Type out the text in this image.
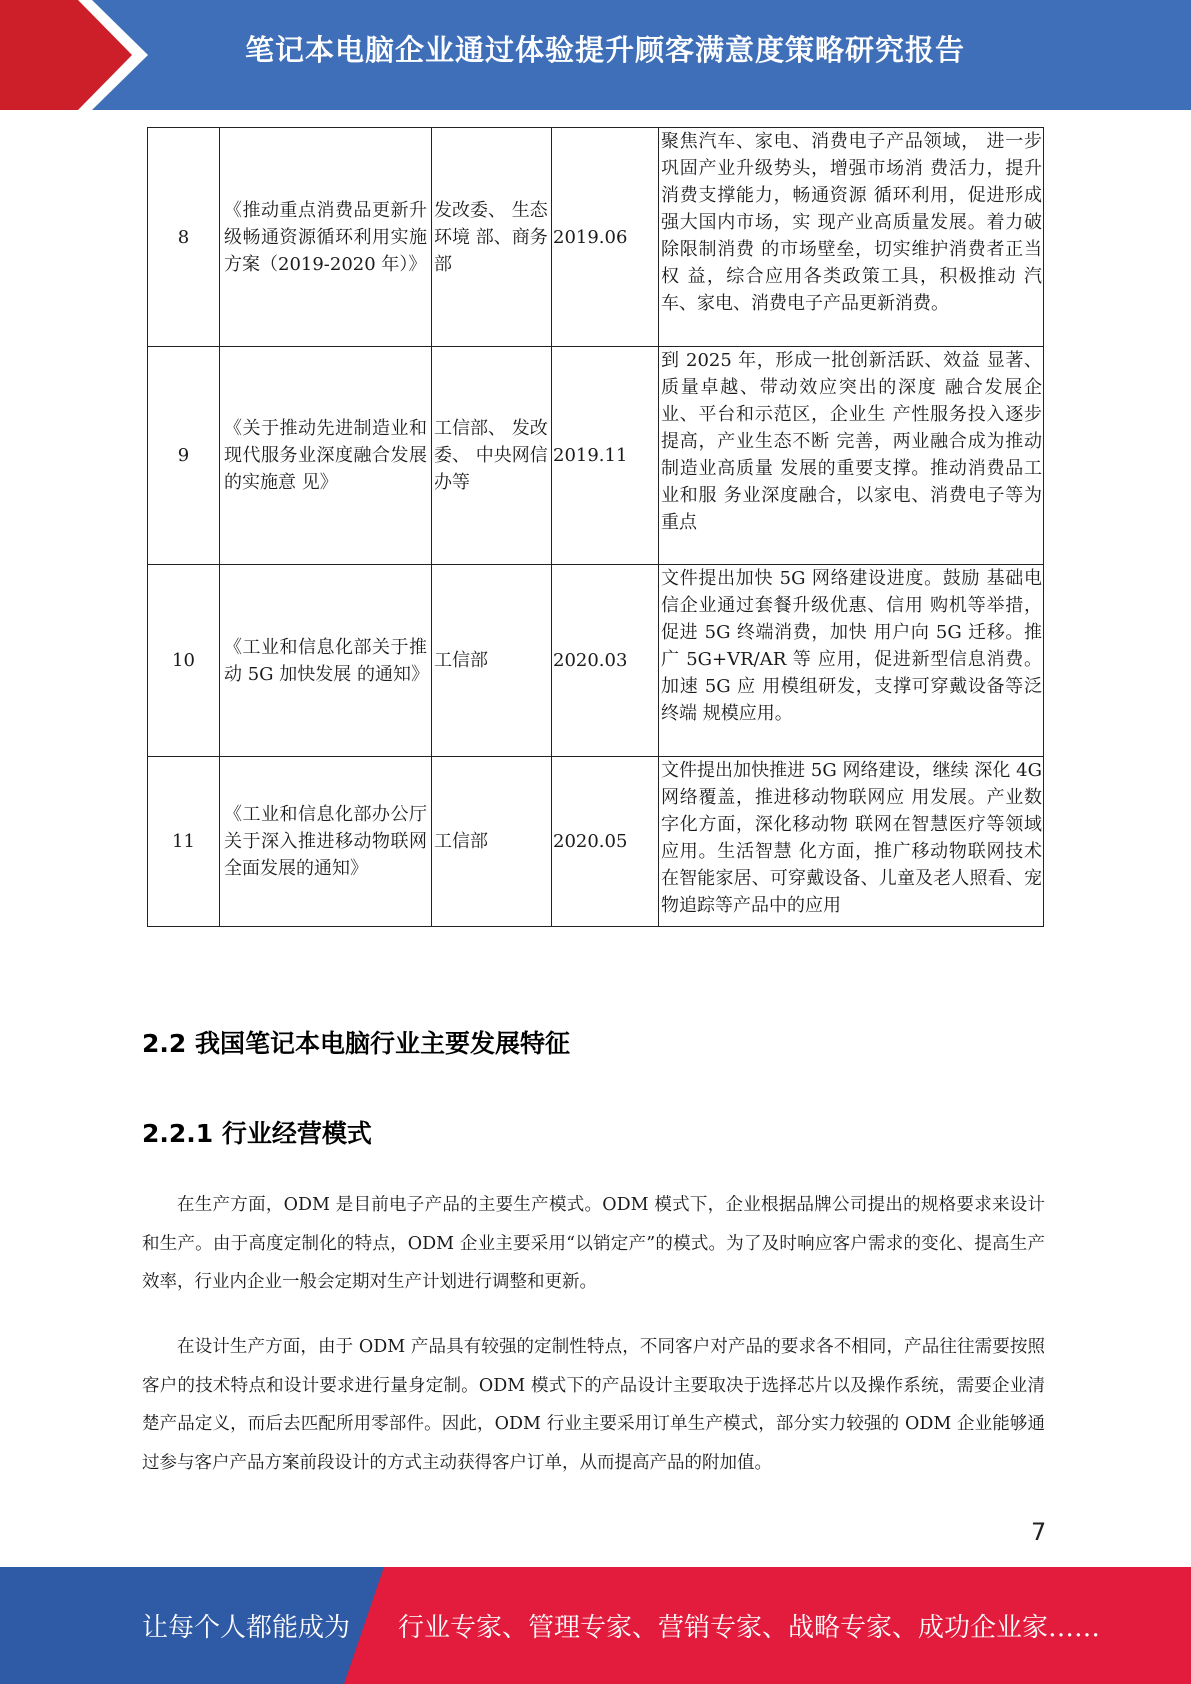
笔记本电脑企业通过体验提升顾客满意度策略研究报告
8	《推动重点消费品更新升级畅通资源循环利用实施方案（2019-2020 年）》	发改委、 生态环境 部、商务部	2019.06	聚焦汽车、家电、消费电子产品领域， 进一步巩固产业升级势头，增强市场消 费活力，提升消费支撑能力，畅通资源 循环利用，促进形成强大国内市场，实 现产业高质量发展。着力破除限制消费 的市场壁垒，切实维护消费者正当权 益，综合应用各类政策工具，积极推动 汽车、家电、消费电子产品更新消费。

9	《关于推动先进制造业和现代服务业深度融合发展的实施意 见》	工信部、 发改委、 中央网信 办等	2019.11	到 2025 年，形成一批创新活跃、效益 显著、质量卓越、带动效应突出的深度 融合发展企业、平台和示范区，企业生 产性服务投入逐步提高，产业生态不断 完善，两业融合成为推动制造业高质量 发展的重要支撑。推动消费品工业和服 务业深度融合，以家电、消费电子等为 重点

10	《工业和信息化部关于推动 5G 加快发展 的通知》	工信部	2020.03	文件提出加快 5G 网络建设进度。鼓励 基础电信企业通过套餐升级优惠、信用 购机等举措，促进 5G 终端消费，加快 用户向 5G 迁移。推广 5G+VR/AR 等 应用，促进新型信息消费。加速 5G 应 用模组研发，支撑可穿戴设备等泛终端 规模应用。

11	《工业和信息化部办公厅关于深入推进移动物联网全面发展的通知》	工信部	2020.05	文件提出加快推进 5G 网络建设，继续 深化 4G 网络覆盖，推进移动物联网应 用发展。产业数字化方面，深化移动物 联网在智慧医疗等领域应用。生活智慧 化方面，推广移动物联网技术在智能家居、可穿戴设备、儿童及老人照看、宠 物追踪等产品中的应用
2.2 我国笔记本电脑行业主要发展特征
2.2.1 行业经营模式

在生产方面，ODM 是目前电子产品的主要生产模式。ODM 模式下，企业根据品牌公司提出的规格要求来设计和生产。由于高度定制化的特点，ODM 企业主要采用“以销定产”的模式。为了及时响应客户需求的变化、提高生产效率，行业内企业一般会定期对生产计划进行调整和更新。

在设计生产方面，由于 ODM 产品具有较强的定制性特点，不同客户对产品的要求各不相同，产品往往需要按照客户的技术特点和设计要求进行量身定制。ODM 模式下的产品设计主要取决于选择芯片以及操作系统，需要企业清楚产品定义，而后去匹配所用零部件。因此，ODM 行业主要采用订单生产模式，部分实力较强的 ODM 企业能够通过参与客户产品方案前段设计的方式主动获得客户订单，从而提高产品的附加值。

7
让每个人都能成为 行业专家、管理专家、营销专家、战略专家、成功企业家……
